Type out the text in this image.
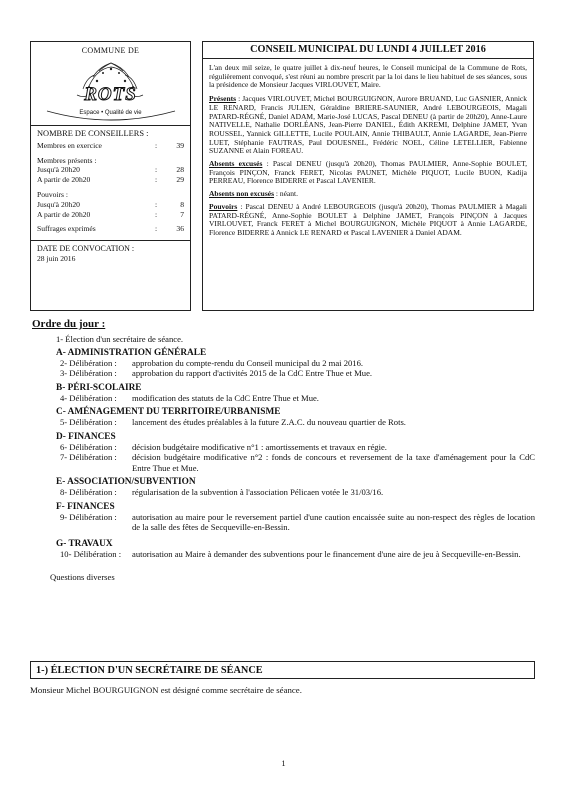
COMMUNE DE
ROTS
Espace • Qualité de vie
NOMBRE DE CONSEILLERS :
Membres en exercice	:	39
Membres présents :
Jusqu'à 20h20	:	28
A partir de 20h20	:	29
Pouvoirs :
Jusqu'à 20h20	:	8
A partir de 20h20	:	7
Suffrages exprimés	:	36
DATE DE CONVOCATION :
28 juin 2016
CONSEIL MUNICIPAL DU LUNDI 4 JUILLET 2016

L'an deux mil seize, le quatre juillet à dix-neuf heures, le Conseil municipal de la Commune de Rots, régulièrement convoqué, s'est réuni au nombre prescrit par la loi dans le lieu habituel de ses séances, sous la présidence de Monsieur Jacques VIRLOUVET, Maire.

Présents : Jacques VIRLOUVET, Michel BOURGUIGNON, Aurore BRUAND, Luc GASNIER, Annick LE RENARD, Francis JULIEN, Géraldine BRIERE-SAUNIER, André LEBOURGEOIS, Magali PATARD-RÉGNÉ, Daniel ADAM, Marie-José LUCAS, Pascal DENEU (à partir de 20h20), Anne-Laure NATIVELLE, Nathalie DORLÉANS, Jean-Pierre DANIEL, Édith AKREMI, Delphine JAMET, Yvan ROUSSEL, Yannick GILLETTE, Lucile POULAIN, Annie THIBAULT, Annie LAGARDE, Jean-Pierre LUET, Stéphanie FAUTRAS, Paul DOUESNEL, Frédéric NOEL, Céline LETELLIER, Fabienne SUZANNE et Alain FOREAU.

Absents excusés : Pascal DENEU (jusqu'à 20h20), Thomas PAULMIER, Anne-Sophie BOULET, François PINÇON, Franck FERET, Nicolas PAUNET, Michèle PIQUOT, Lucile BUON, Kadija PERREAU, Florence BIDERRE et Pascal LAVENIER.

Absents non excusés : néant.

Pouvoirs : Pascal DENEU à André LEBOURGEOIS (jusqu'à 20h20), Thomas PAULMIER à Magali PATARD-RÉGNÉ, Anne-Sophie BOULET à Delphine JAMET, François PINÇON à Jacques VIRLOUVET, Franck FERET à Michel BOURGUIGNON, Michèle PIQUOT à Annie LAGARDE, Florence BIDERRE à Annick LE RENARD et Pascal LAVENIER à Daniel ADAM.

Ordre du jour :
1- Élection d'un secrétaire de séance.
A- ADMINISTRATION GÉNÉRALE
2- Délibération :	approbation du compte-rendu du Conseil municipal du 2 mai 2016.
3- Délibération :	approbation du rapport d'activités 2015 de la CdC Entre Thue et Mue.
B- PÉRI-SCOLAIRE
4- Délibération :	modification des statuts de la CdC Entre Thue et Mue.
C- AMÉNAGEMENT DU TERRITOIRE/URBANISME
5- Délibération :	lancement des études préalables à la future Z.A.C. du nouveau quartier de Rots.
D- FINANCES
6- Délibération :	décision budgétaire modificative n°1 : amortissements et travaux en régie.
7- Délibération :	décision budgétaire modificative n°2 : fonds de concours et reversement de la taxe d'aménagement pour la CdC Entre Thue et Mue.
E- ASSOCIATION/SUBVENTION
8- Délibération :	régularisation de la subvention à l'association Pélicaen votée le 31/03/16.
F- FINANCES
9- Délibération :	autorisation au maire pour le reversement partiel d'une caution encaissée suite au non-respect des règles de location de la salle des fêtes de Secqueville-en-Bessin.
G- TRAVAUX
10- Délibération :	autorisation au Maire à demander des subventions pour le financement d'une aire de jeu à Secqueville-en-Bessin.
Questions diverses
1-) ÉLECTION D'UN SECRÉTAIRE DE SÉANCE
Monsieur Michel BOURGUIGNON est désigné comme secrétaire de séance.
1
